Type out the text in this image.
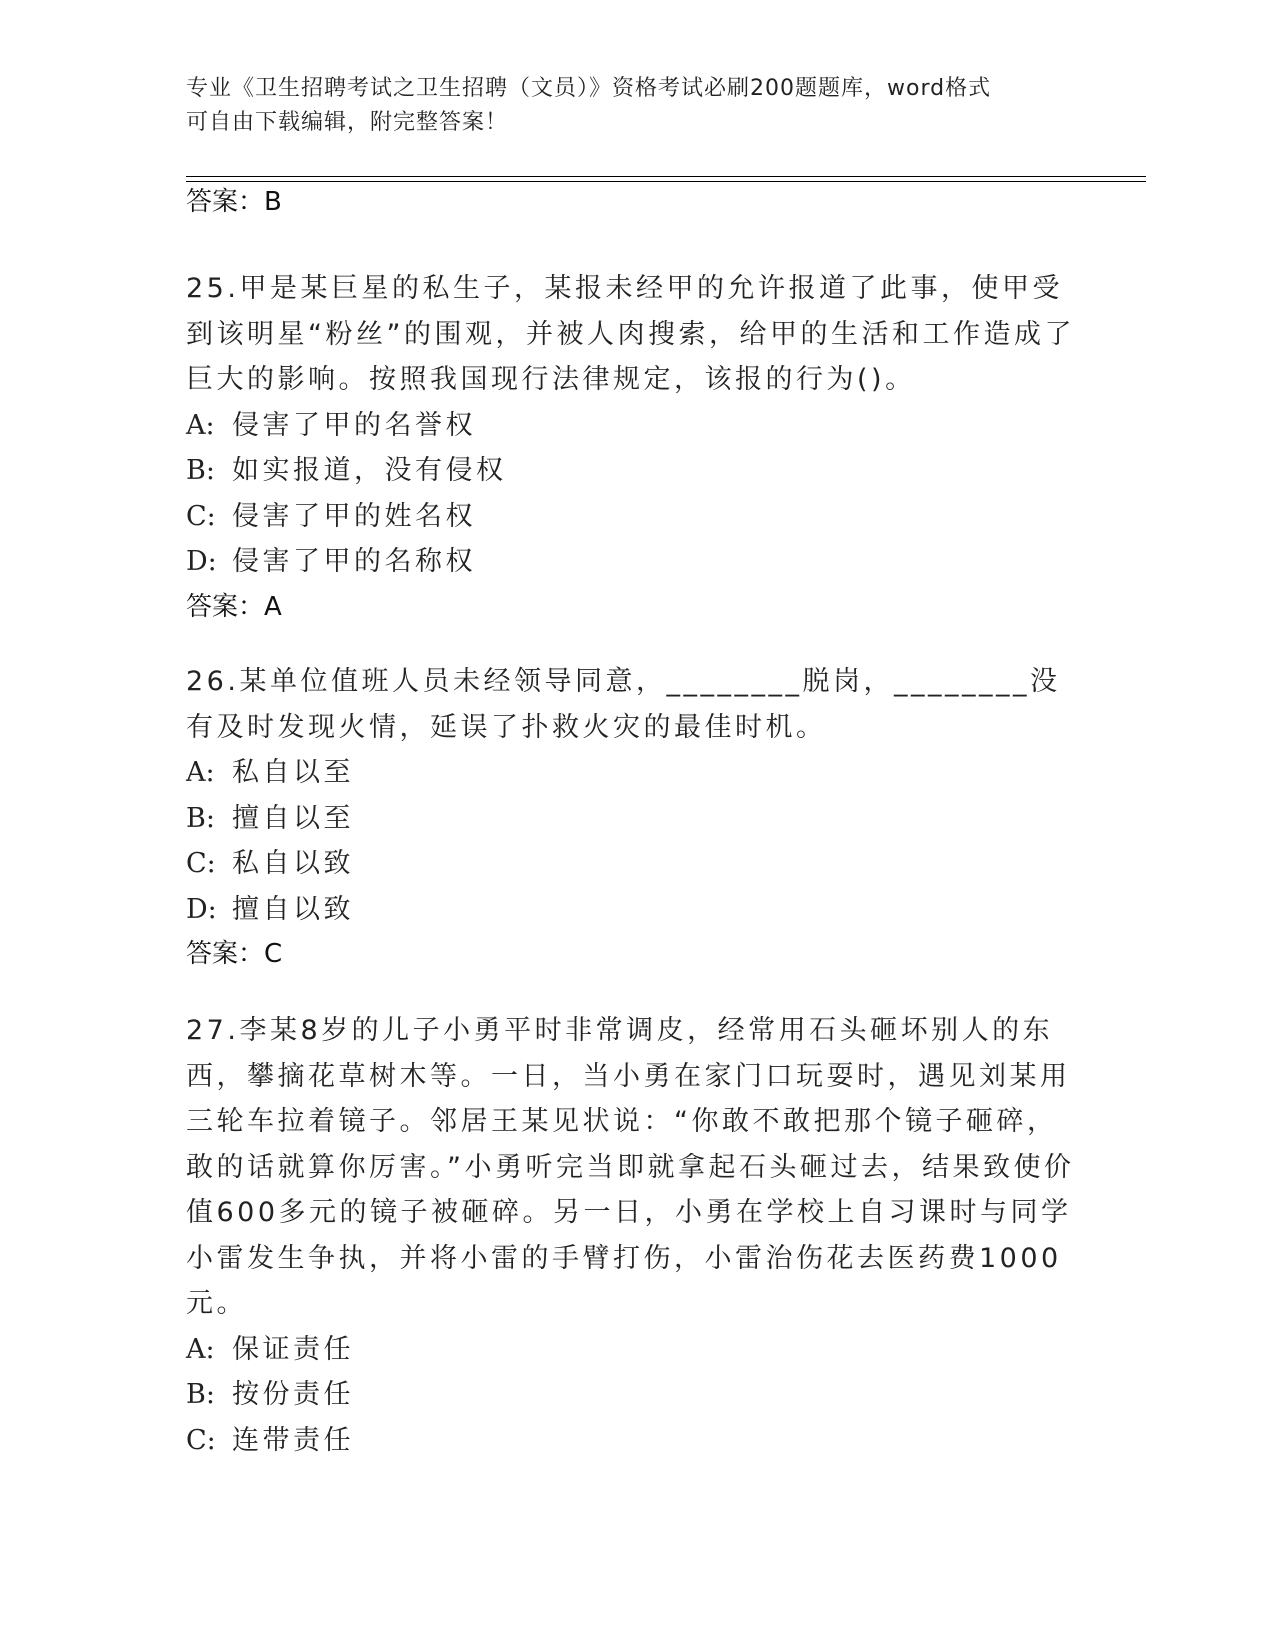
专业《卫生招聘考试之卫生招聘（文员）》资格考试必刷200题题库，word格式
可自由下载编辑，附完整答案！
答案：B

25.甲是某巨星的私生子，某报未经甲的允许报道了此事，使甲受到该明星“粉丝”的围观，并被人肉搜索，给甲的生活和工作造成了巨大的影响。按照我国现行法律规定，该报的行为()。

A: 侵害了甲的名誉权

B: 如实报道，没有侵权

C: 侵害了甲的姓名权

D: 侵害了甲的名称权

答案：A

26.某单位值班人员未经领导同意，________脱岗，________没有及时发现火情，延误了扑救火灾的最佳时机。

A: 私自以至

B: 擅自以至

C: 私自以致

D: 擅自以致

答案：C

27.李某8岁的儿子小勇平时非常调皮，经常用石头砸坏别人的东西，攀摘花草树木等。一日，当小勇在家门口玩耍时，遇见刘某用三轮车拉着镜子。邻居王某见状说：“你敢不敢把那个镜子砸碎，敢的话就算你厉害。”小勇听完当即就拿起石头砸过去，结果致使价值600多元的镜子被砸碎。另一日，小勇在学校上自习课时与同学小雷发生争执，并将小雷的手臂打伤，小雷治伤花去医药费1000元。

A: 保证责任

B: 按份责任

C: 连带责任
